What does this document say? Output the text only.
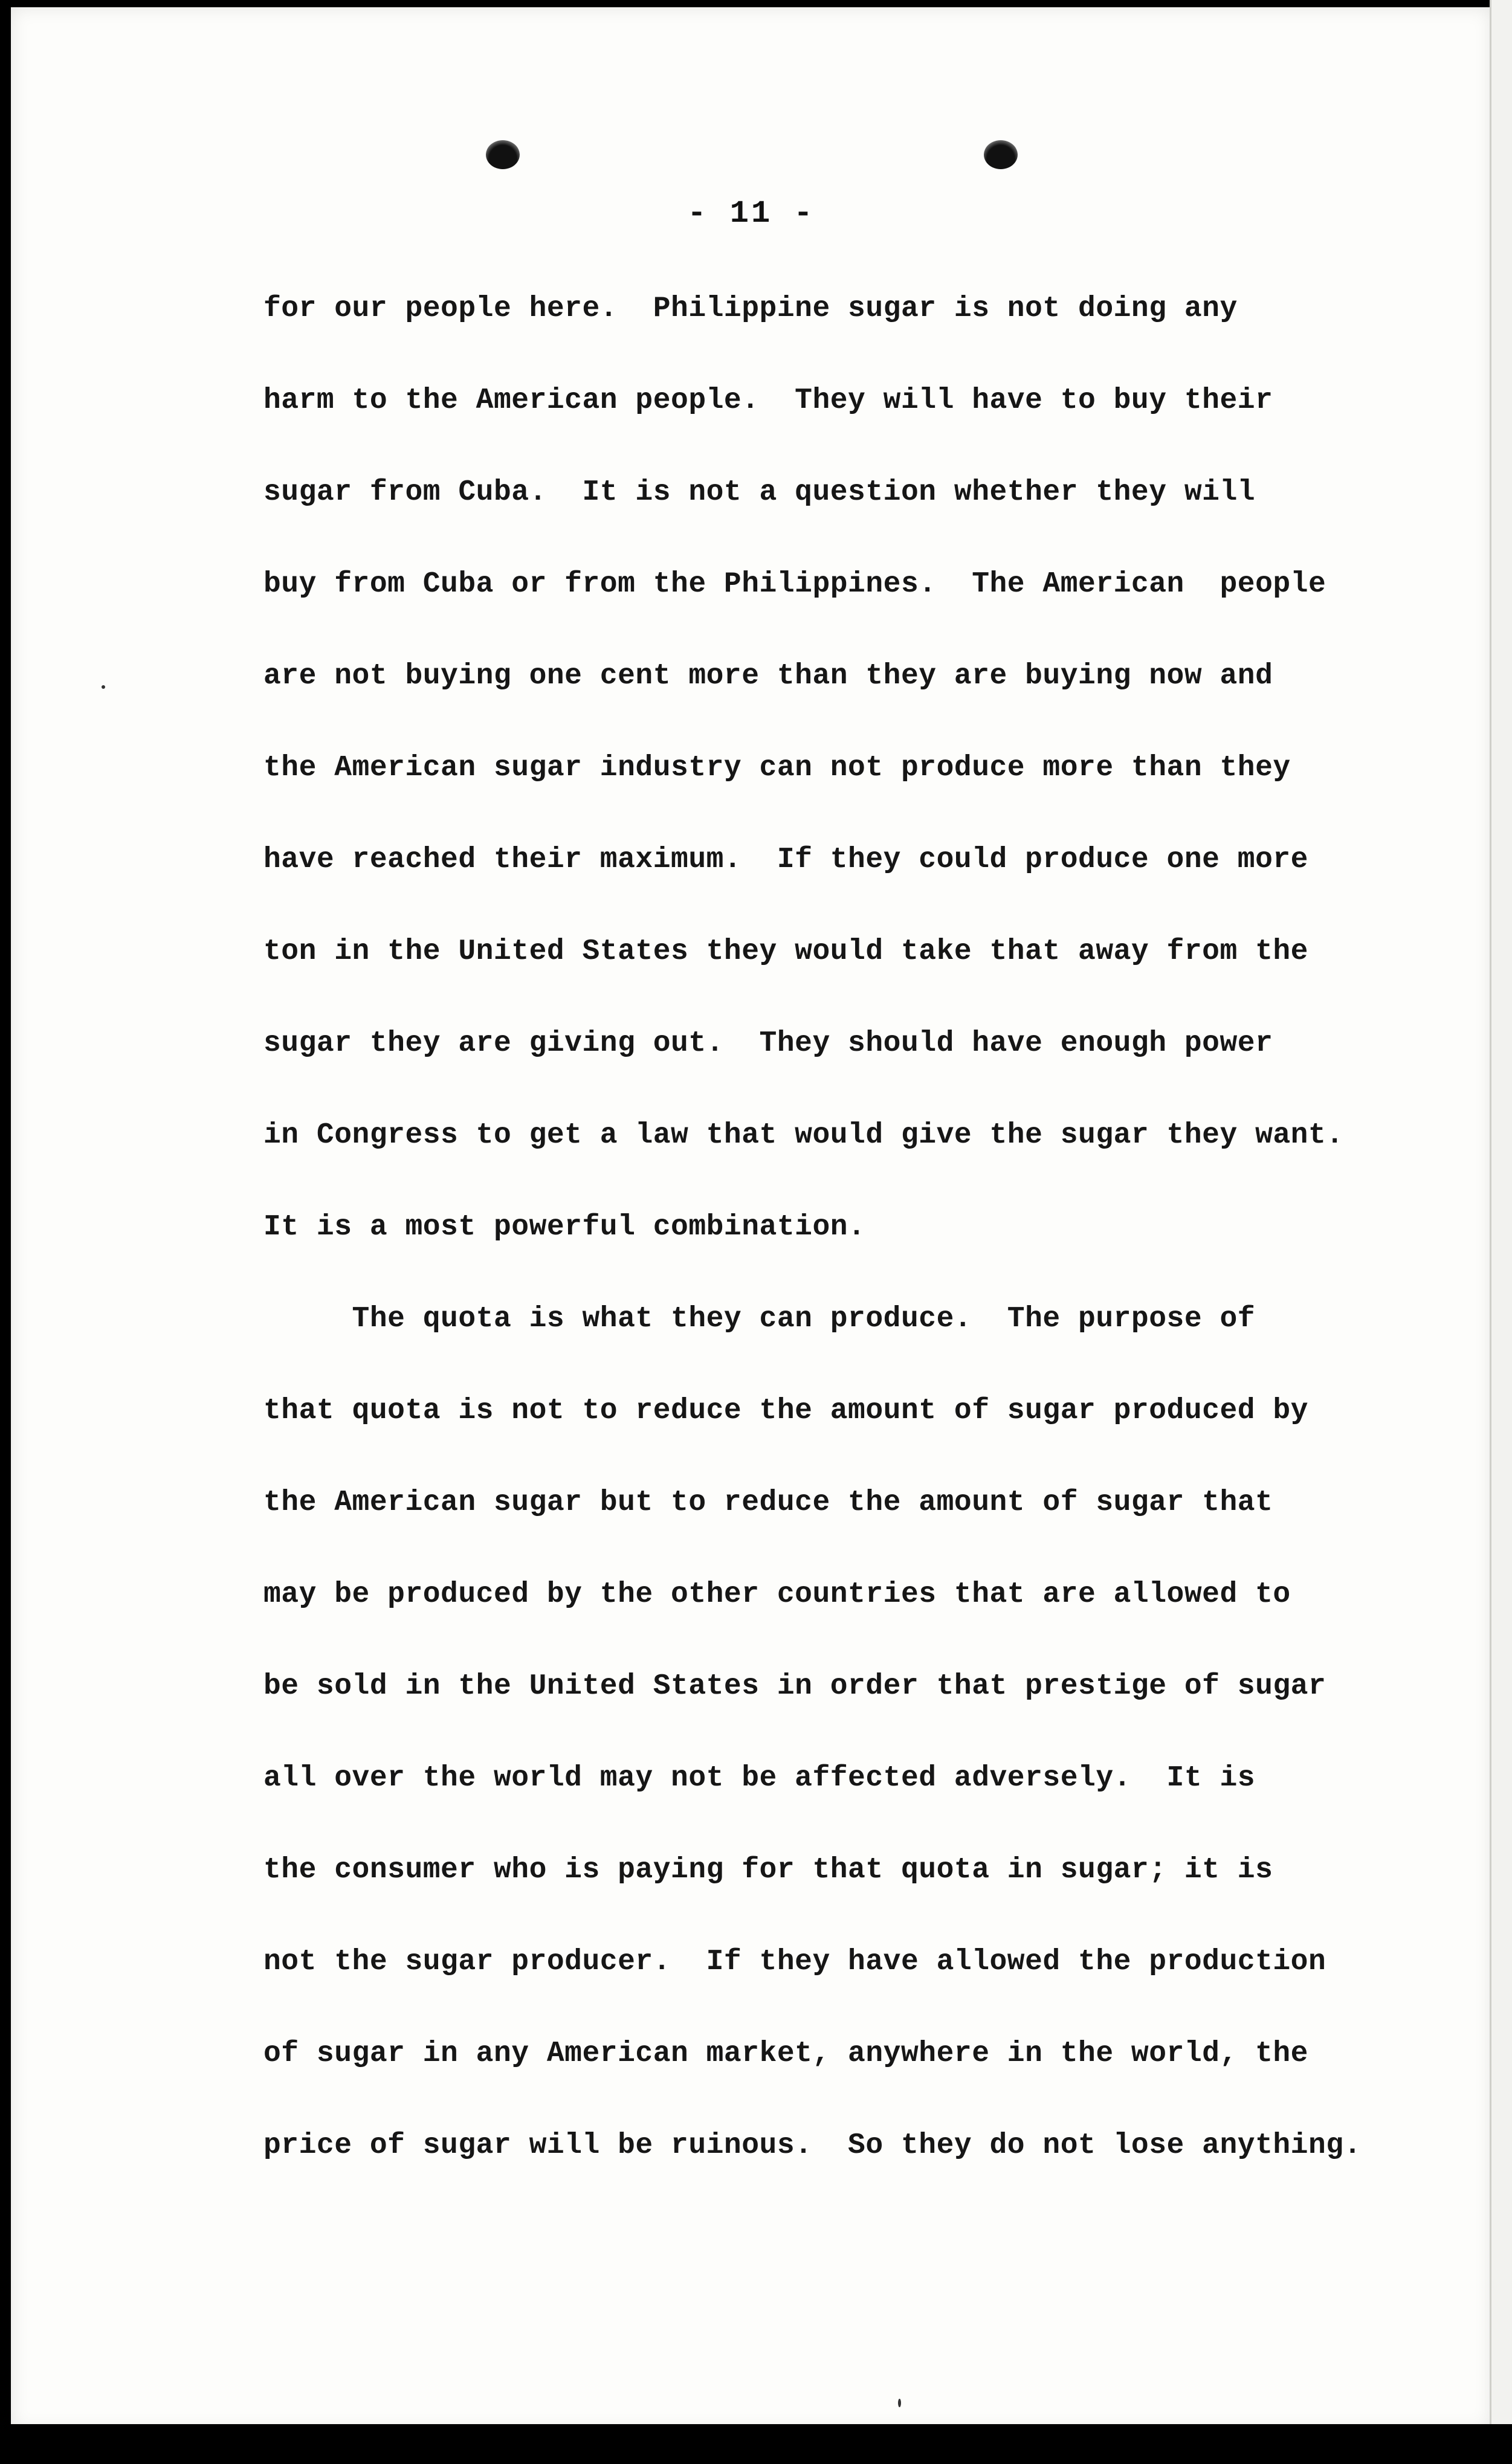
- 11 -
for our people here.  Philippine sugar is not doing any
harm to the American people.  They will have to buy their
sugar from Cuba.  It is not a question whether they will
buy from Cuba or from the Philippines.  The American  people
are not buying one cent more than they are buying now and
the American sugar industry can not produce more than they
have reached their maximum.  If they could produce one more
ton in the United States they would take that away from the
sugar they are giving out.  They should have enough power
in Congress to get a law that would give the sugar they want.
It is a most powerful combination.
The quota is what they can produce.  The purpose of
that quota is not to reduce the amount of sugar produced by
the American sugar but to reduce the amount of sugar that
may be produced by the other countries that are allowed to
be sold in the United States in order that prestige of sugar
all over the world may not be affected adversely.  It is
the consumer who is paying for that quota in sugar; it is
not the sugar producer.  If they have allowed the production
of sugar in any American market, anywhere in the world, the
price of sugar will be ruinous.  So they do not lose anything.
